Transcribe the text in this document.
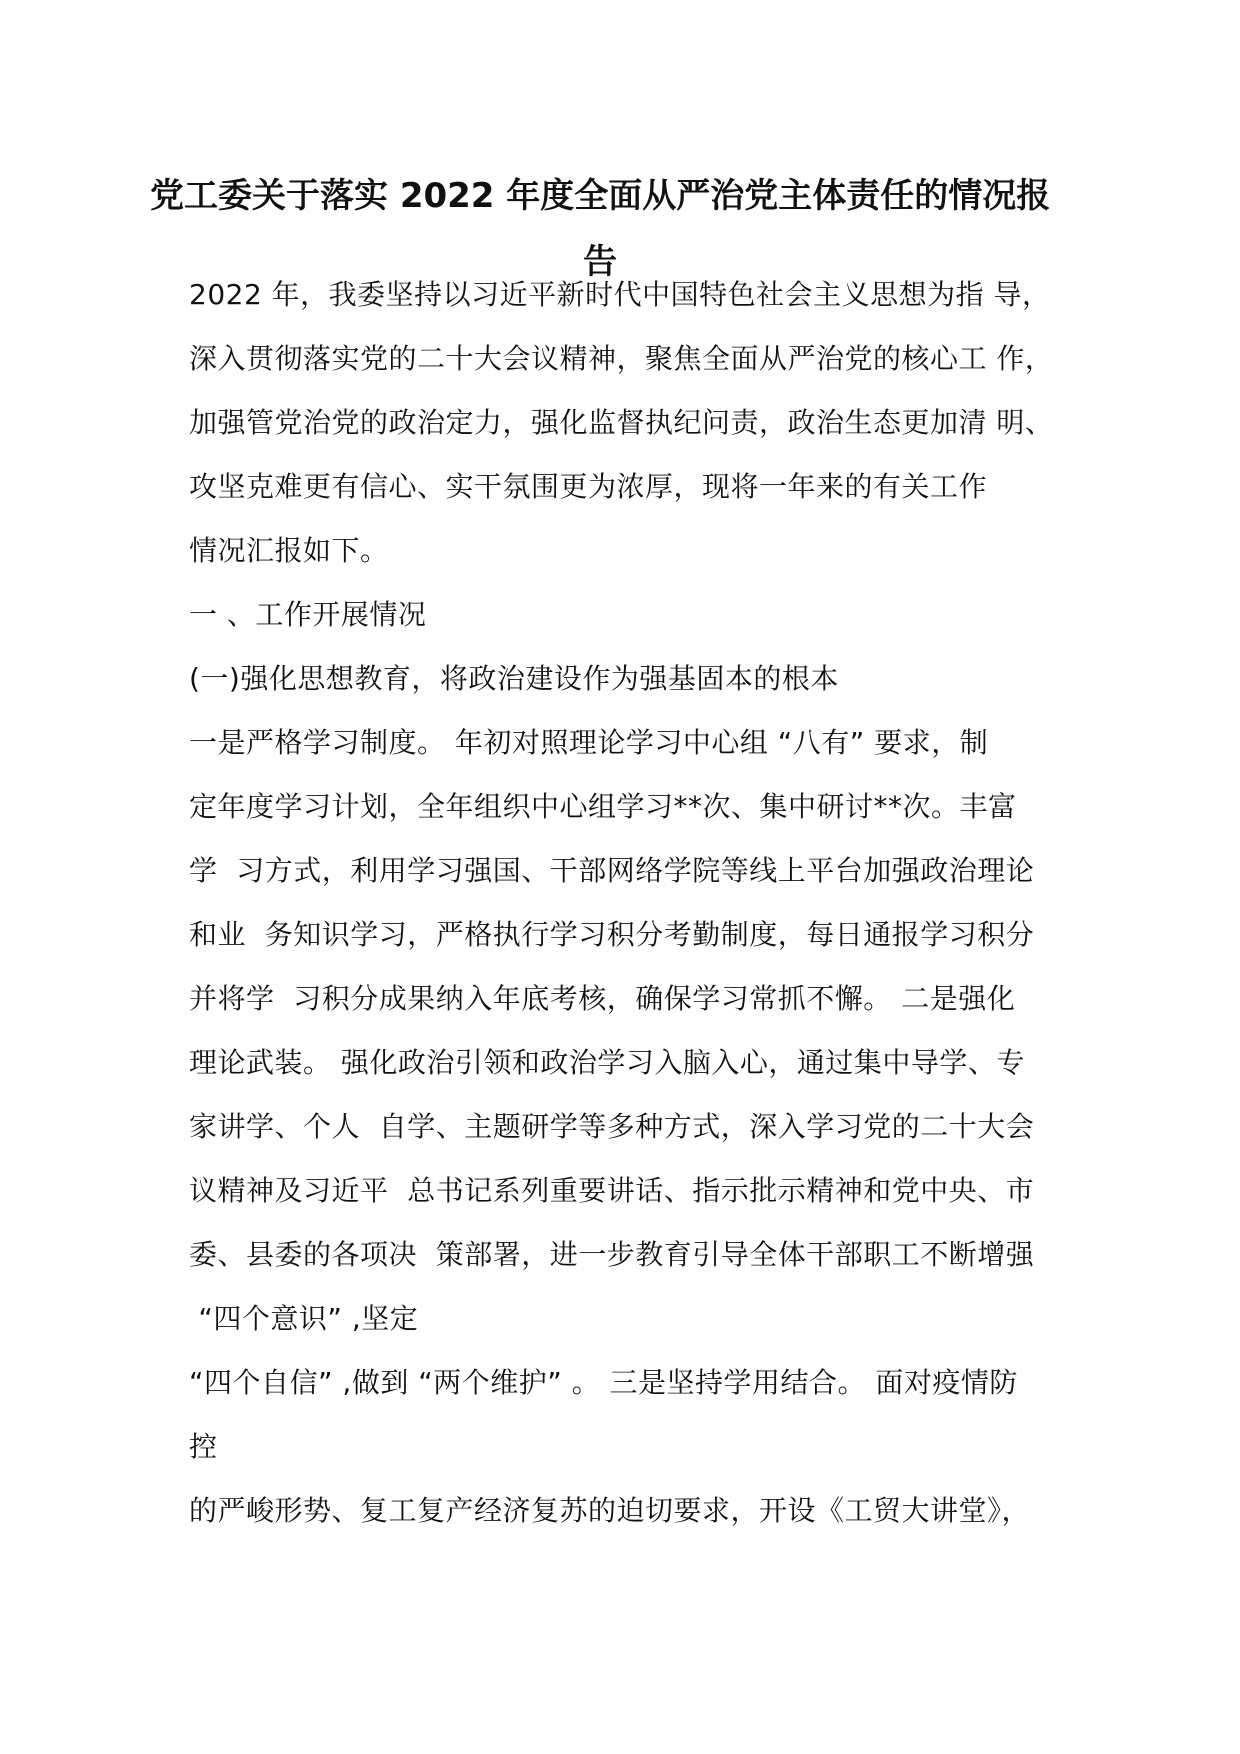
党工委关于落实 2022 年度全面从严治党主体责任的情况报
告
2022 年，我委坚持以习近平新时代中国特色社会主义思想为指 导，
深入贯彻落实党的二十大会议精神，聚焦全面从严治党的核心工 作，
加强管党治党的政治定力，强化监督执纪问责，政治生态更加清 明、
攻坚克难更有信心、实干氛围更为浓厚，现将一年来的有关工作
情况汇报如下。
一 、工作开展情况
(一)强化思想教育，将政治建设作为强基固本的根本
一是严格学习制度。 年初对照理论学习中心组 “八有” 要求，制
定年度学习计划，全年组织中心组学习**次、集中研讨**次。丰富
学  习方式，利用学习强国、干部网络学院等线上平台加强政治理论
和业  务知识学习，严格执行学习积分考勤制度，每日通报学习积分
并将学  习积分成果纳入年底考核，确保学习常抓不懈。 二是强化
理论武装。 强化政治引领和政治学习入脑入心，通过集中导学、专
家讲学、个人  自学、主题研学等多种方式，深入学习党的二十大会
议精神及习近平  总书记系列重要讲话、指示批示精神和党中央、市
委、县委的各项决  策部署，进一步教育引导全体干部职工不断增强
“四个意识” ,坚定
“四个自信” ,做到 “两个维护” 。 三是坚持学用结合。 面对疫情防
控
的严峻形势、复工复产经济复苏的迫切要求，开设《工贸大讲堂》，
